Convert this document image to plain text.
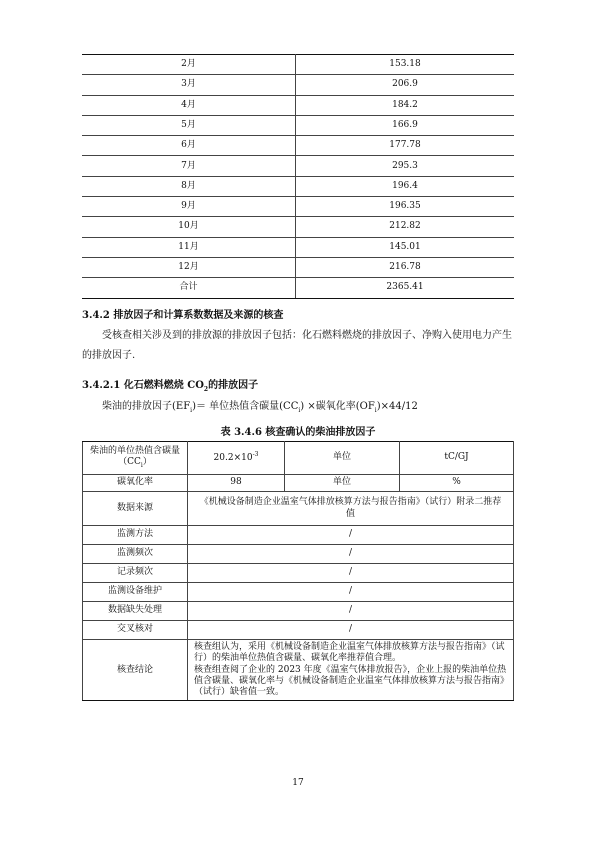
2月	153.18
3月	206.9
4月	184.2
5月	166.9
6月	177.78
7月	295.3
8月	196.4
9月	196.35
10月	212.82
11月	145.01
12月	216.78
合计	2365.41
3.4.2 排放因子和计算系数数据及来源的核查
受核查相关涉及到的排放源的排放因子包括：化石燃料燃烧的排放因子、净购入使用电力产生的排放因子.
3.4.2.1 化石燃料燃烧 $CO_2$的排放因子
柴油的排放因子$(EF_i)=$ 单位热值含碳量$(CC_i)$ ×碳氧化率$(OF_i)\times 44/12$
表 3.4.6 核查确认的柴油排放因子
柴油的单位热值含碳量$(CC_i)$	$20.2\times 10^{-3}$	单位	tC/GJ
碳氧化率	98	单位	%
数据来源	《机械设备制造企业温室气体排放核算方法与报告指南》（试行）附录二推荐值		
监测方法	/		
监测频次	/		
记录频次	/		
监测设备维护	/		
数据缺失处理	/		
交叉核对	/		
核查结论	核查组认为，采用《机械设备制造企业温室气体排放核算方法与报告指南》（试行）的柴油单位热值含碳量、碳氧化率推荐值合理。
核查组查阅了企业的 2023 年度《温室气体排放报告》，企业上报的柴油单位热值含碳量、碳氧化率与《机械设备制造企业温室气体排放核算方法与报告指南》（试行）缺省值一致。		
17
